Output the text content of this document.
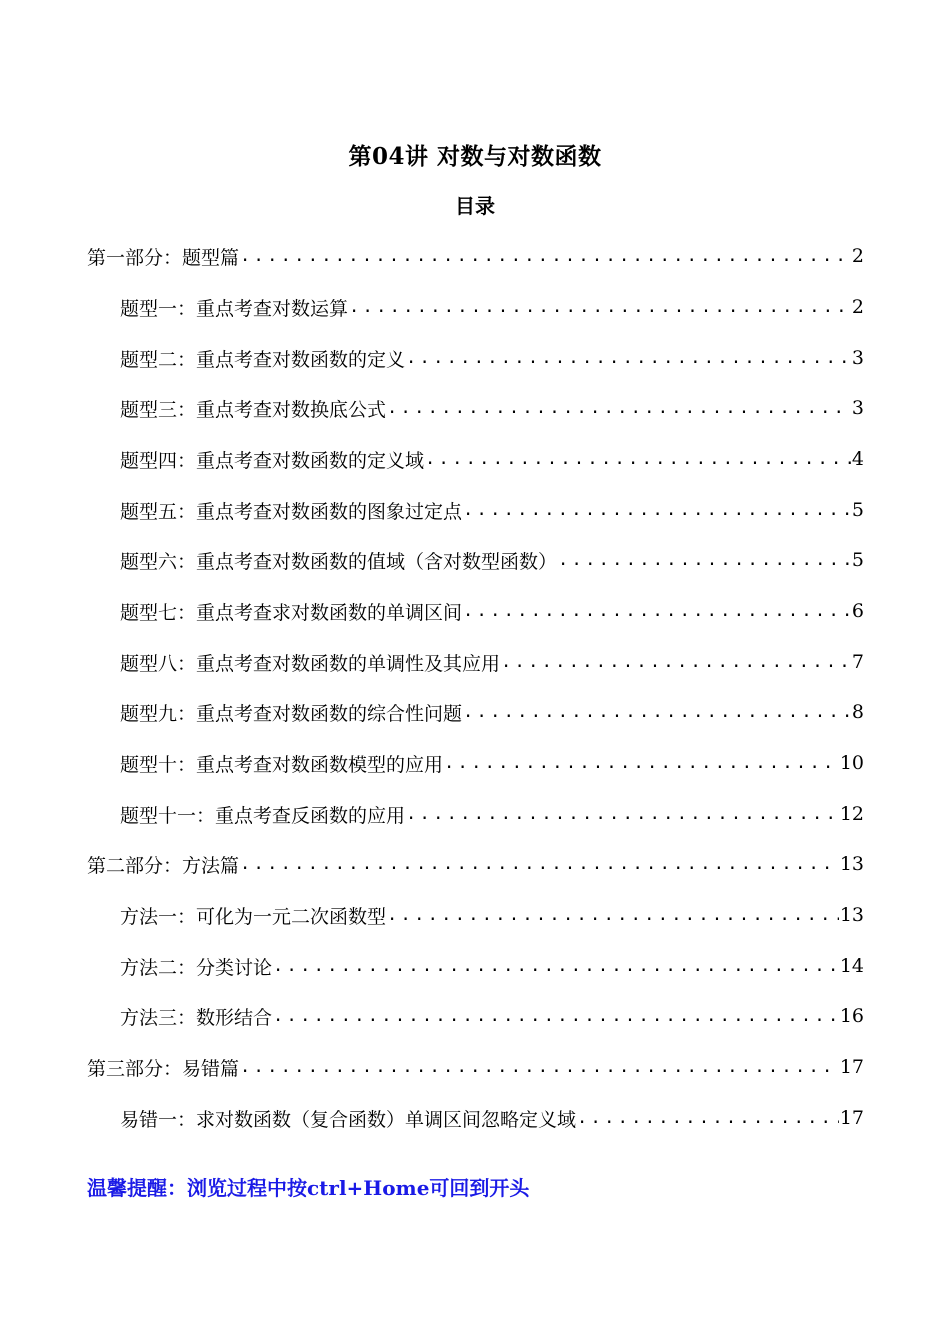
第04讲 对数与对数函数
目录
第一部分：题型篇 .....	2
题型一：重点考查对数运算 .....	2
题型二：重点考查对数函数的定义 .....	3
题型三：重点考查对数换底公式 .....	3
题型四：重点考查对数函数的定义域 .....	4
题型五：重点考查对数函数的图象过定点 .....	5
题型六：重点考查对数函数的值域（含对数型函数） .....	5
题型七：重点考查求对数函数的单调区间 .....	6
题型八：重点考查对数函数的单调性及其应用 .....	7
题型九：重点考查对数函数的综合性问题 .....	8
题型十：重点考查对数函数模型的应用 .....	10
题型十一：重点考查反函数的应用 .....	12
第二部分：方法篇 .....	13
方法一：可化为一元二次函数型 .....	13
方法二：分类讨论 .....	14
方法三：数形结合 .....	16
第三部分：易错篇 .....	17
易错一：求对数函数（复合函数）单调区间忽略定义域 .....	17
温馨提醒：浏览过程中按ctrl+Home可回到开头
